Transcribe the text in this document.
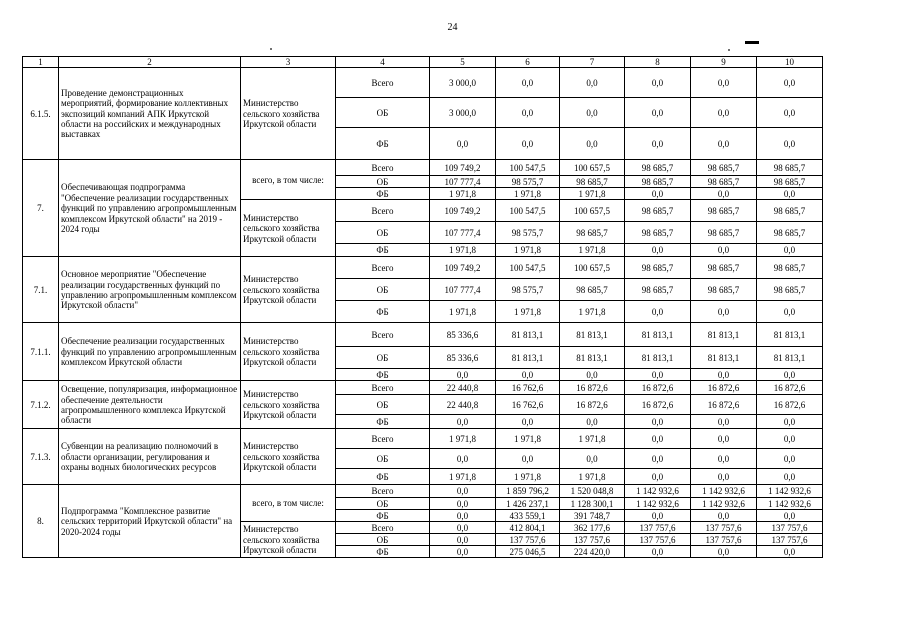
24
1	2	3	4	5	6	7	8	9	10
6.1.5.	Проведение демонстрационных мероприятий, формирование коллективных экспозиций компаний АПК Иркутской области на российских и международных выставках	Министерство сельского хозяйства Иркутской области	Всего	3 000,0	0,0	0,0	0,0	0,0	0,0
			ОБ	3 000,0	0,0	0,0	0,0	0,0	0,0
			ФБ	0,0	0,0	0,0	0,0	0,0	0,0
7.	Обеспечивающая подпрограмма "Обеспечение реализации государственных функций по управлению агропромышленным комплексом Иркутской области" на 2019 - 2024 годы	всего, в том числе:	Всего	109 749,2	100 547,5	100 657,5	98 685,7	98 685,7	98 685,7
			ОБ	107 777,4	98 575,7	98 685,7	98 685,7	98 685,7	98 685,7
			ФБ	1 971,8	1 971,8	1 971,8	0,0	0,0	0,0
		Министерство сельского хозяйства Иркутской области	Всего	109 749,2	100 547,5	100 657,5	98 685,7	98 685,7	98 685,7
			ОБ	107 777,4	98 575,7	98 685,7	98 685,7	98 685,7	98 685,7
			ФБ	1 971,8	1 971,8	1 971,8	0,0	0,0	0,0
7.1.	Основное мероприятие "Обеспечение реализации государственных функций по управлению агропромышленным комплексом Иркутской области"	Министерство сельского хозяйства Иркутской области	Всего	109 749,2	100 547,5	100 657,5	98 685,7	98 685,7	98 685,7
			ОБ	107 777,4	98 575,7	98 685,7	98 685,7	98 685,7	98 685,7
			ФБ	1 971,8	1 971,8	1 971,8	0,0	0,0	0,0
7.1.1.	Обеспечение реализации государственных функций по управлению агропромышленным комплексом Иркутской области	Министерство сельского хозяйства Иркутской области	Всего	85 336,6	81 813,1	81 813,1	81 813,1	81 813,1	81 813,1
			ОБ	85 336,6	81 813,1	81 813,1	81 813,1	81 813,1	81 813,1
			ФБ	0,0	0,0	0,0	0,0	0,0	0,0
7.1.2.	Освещение, популяризация, информационное обеспечение деятельности агропромышленного комплекса Иркутской области	Министерство сельского хозяйства Иркутской области	Всего	22 440,8	16 762,6	16 872,6	16 872,6	16 872,6	16 872,6
			ОБ	22 440,8	16 762,6	16 872,6	16 872,6	16 872,6	16 872,6
			ФБ	0,0	0,0	0,0	0,0	0,0	0,0
7.1.3.	Субвенции на реализацию полномочий в области организации, регулирования и охраны водных биологических ресурсов	Министерство сельского хозяйства Иркутской области	Всего	1 971,8	1 971,8	1 971,8	0,0	0,0	0,0
			ОБ	0,0	0,0	0,0	0,0	0,0	0,0
			ФБ	1 971,8	1 971,8	1 971,8	0,0	0,0	0,0
8.	Подпрограмма "Комплексное развитие сельских территорий Иркутской области" на 2020-2024 годы	всего, в том числе:	Всего	0,0	1 859 796,2	1 520 048,8	1 142 932,6	1 142 932,6	1 142 932,6
			ОБ	0,0	1 426 237,1	1 128 300,1	1 142 932,6	1 142 932,6	1 142 932,6
			ФБ	0,0	433 559,1	391 748,7	0,0	0,0	0,0
		Министерство сельского хозяйства Иркутской области	Всего	0,0	412 804,1	362 177,6	137 757,6	137 757,6	137 757,6
			ОБ	0,0	137 757,6	137 757,6	137 757,6	137 757,6	137 757,6
			ФБ	0,0	275 046,5	224 420,0	0,0	0,0	0,0
